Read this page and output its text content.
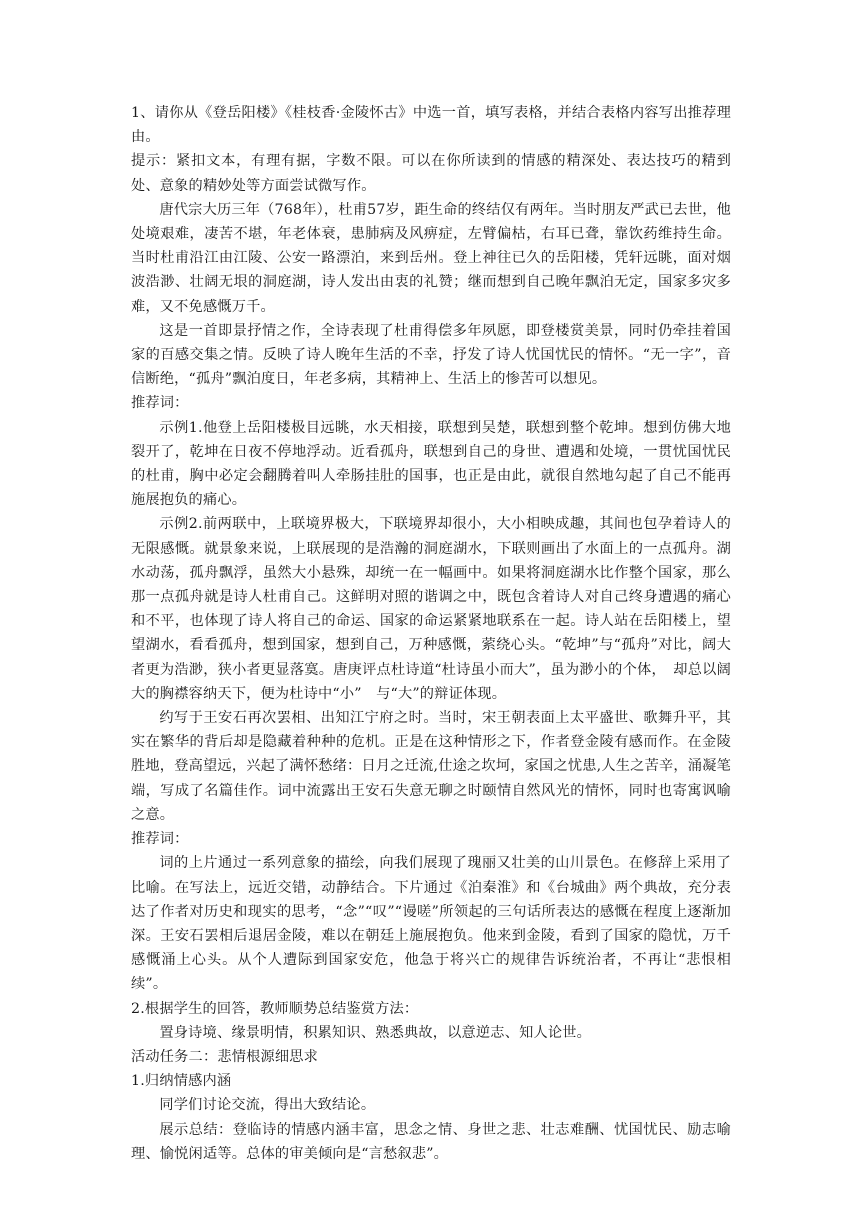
1、请你从《登岳阳楼》《桂枝香·金陵怀古》中选一首，填写表格，并结合表格内容写出推荐理由。

提示：紧扣文本，有理有据，字数不限。可以在你所读到的情感的精深处、表达技巧的精到处、意象的精妙处等方面尝试微写作。

唐代宗大历三年（768年），杜甫57岁，距生命的终结仅有两年。当时朋友严武已去世，他处境艰难，凄苦不堪，年老体衰，患肺病及风痹症，左臂偏枯，右耳已聋，靠饮药维持生命。当时杜甫沿江由江陵、公安一路漂泊，来到岳州。登上神往已久的岳阳楼，凭轩远眺，面对烟波浩渺、壮阔无垠的洞庭湖，诗人发出由衷的礼赞；继而想到自己晚年飘泊无定，国家多灾多难，又不免感慨万千。

这是一首即景抒情之作，全诗表现了杜甫得偿多年夙愿，即登楼赏美景，同时仍牵挂着国家的百感交集之情。反映了诗人晚年生活的不幸，抒发了诗人忧国忧民的情怀。“无一字”，音信断绝，“孤舟”飘泊度日，年老多病，其精神上、生活上的惨苦可以想见。

推荐词：

示例1.他登上岳阳楼极目远眺，水天相接，联想到吴楚，联想到整个乾坤。想到仿佛大地裂开了，乾坤在日夜不停地浮动。近看孤舟，联想到自己的身世、遭遇和处境，一贯忧国忧民的杜甫，胸中必定会翻腾着叫人牵肠挂肚的国事，也正是由此，就很自然地勾起了自己不能再施展抱负的痛心。

示例2.前两联中，上联境界极大，下联境界却很小，大小相映成趣，其间也包孕着诗人的无限感慨。就景象来说，上联展现的是浩瀚的洞庭湖水，下联则画出了水面上的一点孤舟。湖水动荡，孤舟飘浮，虽然大小悬殊，却统一在一幅画中。如果将洞庭湖水比作整个国家，那么那一点孤舟就是诗人杜甫自己。这鲜明对照的谐调之中，既包含着诗人对自己终身遭遇的痛心和不平，也体现了诗人将自己的命运、国家的命运紧紧地联系在一起。诗人站在岳阳楼上，望望湖水，看看孤舟，想到国家，想到自己，万种感慨，萦绕心头。“乾坤”与“孤舟”对比，阔大者更为浩渺，狭小者更显落寞。唐庚评点杜诗道“杜诗虽小而大”，虽为渺小的个体，　却总以阔大的胸襟容纳天下，便为杜诗中“小”　与“大”的辩证体现。

约写于王安石再次罢相、出知江宁府之时。当时，宋王朝表面上太平盛世、歌舞升平，其实在繁华的背后却是隐藏着种种的危机。正是在这种情形之下，作者登金陵有感而作。在金陵胜地，登高望远，兴起了满怀愁绪：日月之迁流,仕途之坎坷，家国之忧患,人生之苦辛，涌凝笔端，写成了名篇佳作。词中流露出王安石失意无聊之时颐情自然风光的情怀，同时也寄寓讽喻之意。

推荐词：

词的上片通过一系列意象的描绘，向我们展现了瑰丽又壮美的山川景色。在修辞上采用了比喻。在写法上，远近交错，动静结合。下片通过《泊秦淮》和《台城曲》两个典故，充分表达了作者对历史和现实的思考，“念”“叹”“谩嗟”所领起的三句话所表达的感慨在程度上逐渐加深。王安石罢相后退居金陵，难以在朝廷上施展抱负。他来到金陵，看到了国家的隐忧，万千感慨涌上心头。从个人遭际到国家安危，他急于将兴亡的规律告诉统治者，不再让“悲恨相续”。

2.根据学生的回答，教师顺势总结鉴赏方法：

置身诗境、缘景明情，积累知识、熟悉典故，以意逆志、知人论世。

活动任务二：悲情根源细思求

1.归纳情感内涵

同学们讨论交流，得出大致结论。

展示总结：登临诗的情感内涵丰富，思念之情、身世之悲、壮志难酬、忧国忧民、励志喻理、愉悦闲适等。总体的审美倾向是“言愁叙悲”。
